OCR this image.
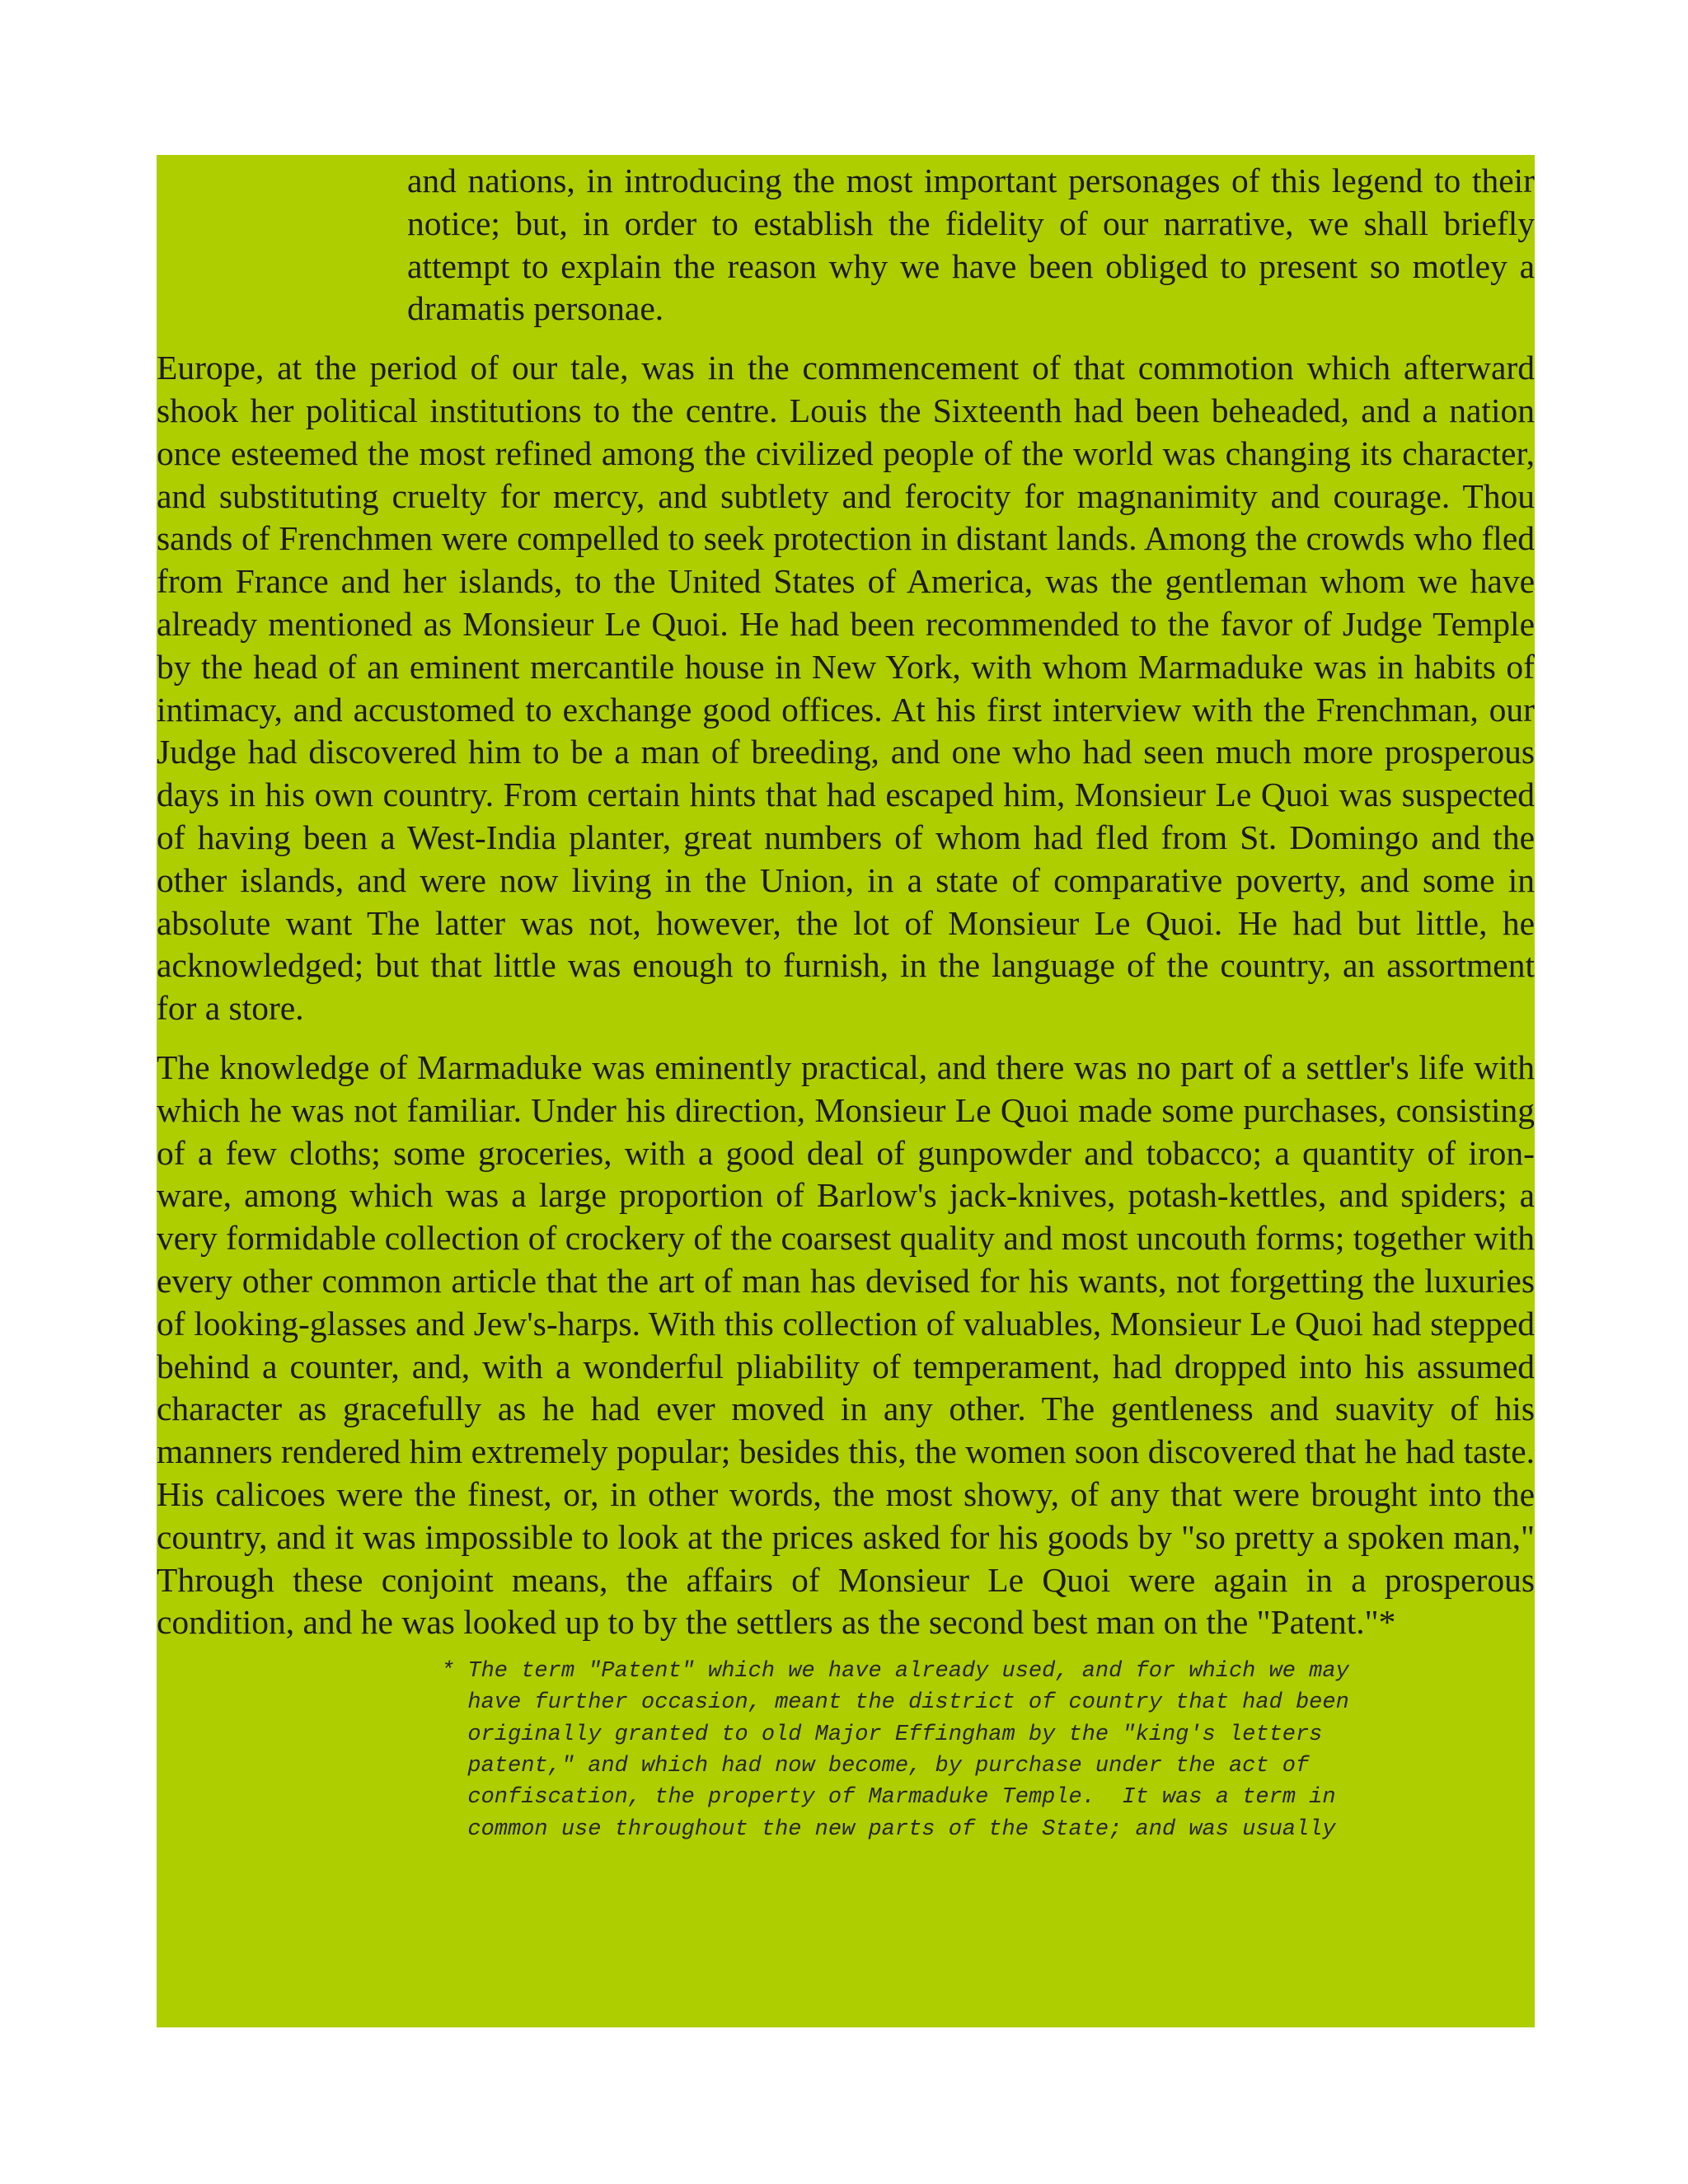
and nations, in introducing the most important personages of this legend to their notice; but, in order to establish the fidelity of our narrative, we shall briefly attempt to explain the reason why we have been obliged to present so motley a dramatis personae.

Europe, at the period of our tale, was in the commencement of that commotion which afterward shook her political institutions to the centre. Louis the Sixteenth had been beheaded, and a nation once esteemed the most refined among the civilized people of the world was changing its character, and substituting cruelty for mercy, and subtlety and ferocity for magnanimity and courage. Thou sands of Frenchmen were compelled to seek protection in distant lands. Among the crowds who fled from France and her islands, to the United States of America, was the gentleman whom we have already mentioned as Monsieur Le Quoi. He had been recommended to the favor of Judge Temple by the head of an eminent mercantile house in New York, with whom Marmaduke was in habits of intimacy, and accustomed to exchange good offices. At his first interview with the Frenchman, our Judge had discovered him to be a man of breeding, and one who had seen much more prosperous days in his own country. From certain hints that had escaped him, Monsieur Le Quoi was suspected of having been a West-India planter, great numbers of whom had fled from St. Domingo and the other islands, and were now living in the Union, in a state of comparative poverty, and some in absolute want The latter was not, however, the lot of Monsieur Le Quoi. He had but little, he acknowledged; but that little was enough to furnish, in the language of the country, an assortment for a store.

The knowledge of Marmaduke was eminently practical, and there was no part of a settler's life with which he was not familiar. Under his direction, Monsieur Le Quoi made some purchases, consisting of a few cloths; some groceries, with a good deal of gunpowder and tobacco; a quantity of iron-ware, among which was a large proportion of Barlow's jack-knives, potash-kettles, and spiders; a very formidable collection of crockery of the coarsest quality and most uncouth forms; together with every other common article that the art of man has devised for his wants, not forgetting the luxuries of looking-glasses and Jew's-harps. With this collection of valuables, Monsieur Le Quoi had stepped behind a counter, and, with a wonderful pliability of temperament, had dropped into his assumed character as gracefully as he had ever moved in any other. The gentleness and suavity of his manners rendered him extremely popular; besides this, the women soon discovered that he had taste. His calicoes were the finest, or, in other words, the most showy, of any that were brought into the country, and it was impossible to look at the prices asked for his goods by "so pretty a spoken man," Through these conjoint means, the affairs of Monsieur Le Quoi were again in a prosperous condition, and he was looked up to by the settlers as the second best man on the "Patent."*

* The term "Patent" which we have already used, and for which we may
have further occasion, meant the district of country that had been
originally granted to old Major Effingham by the "king's letters
patent," and which had now become, by purchase under the act of
confiscation, the property of Marmaduke Temple.  It was a term in
common use throughout the new parts of the State; and was usually
